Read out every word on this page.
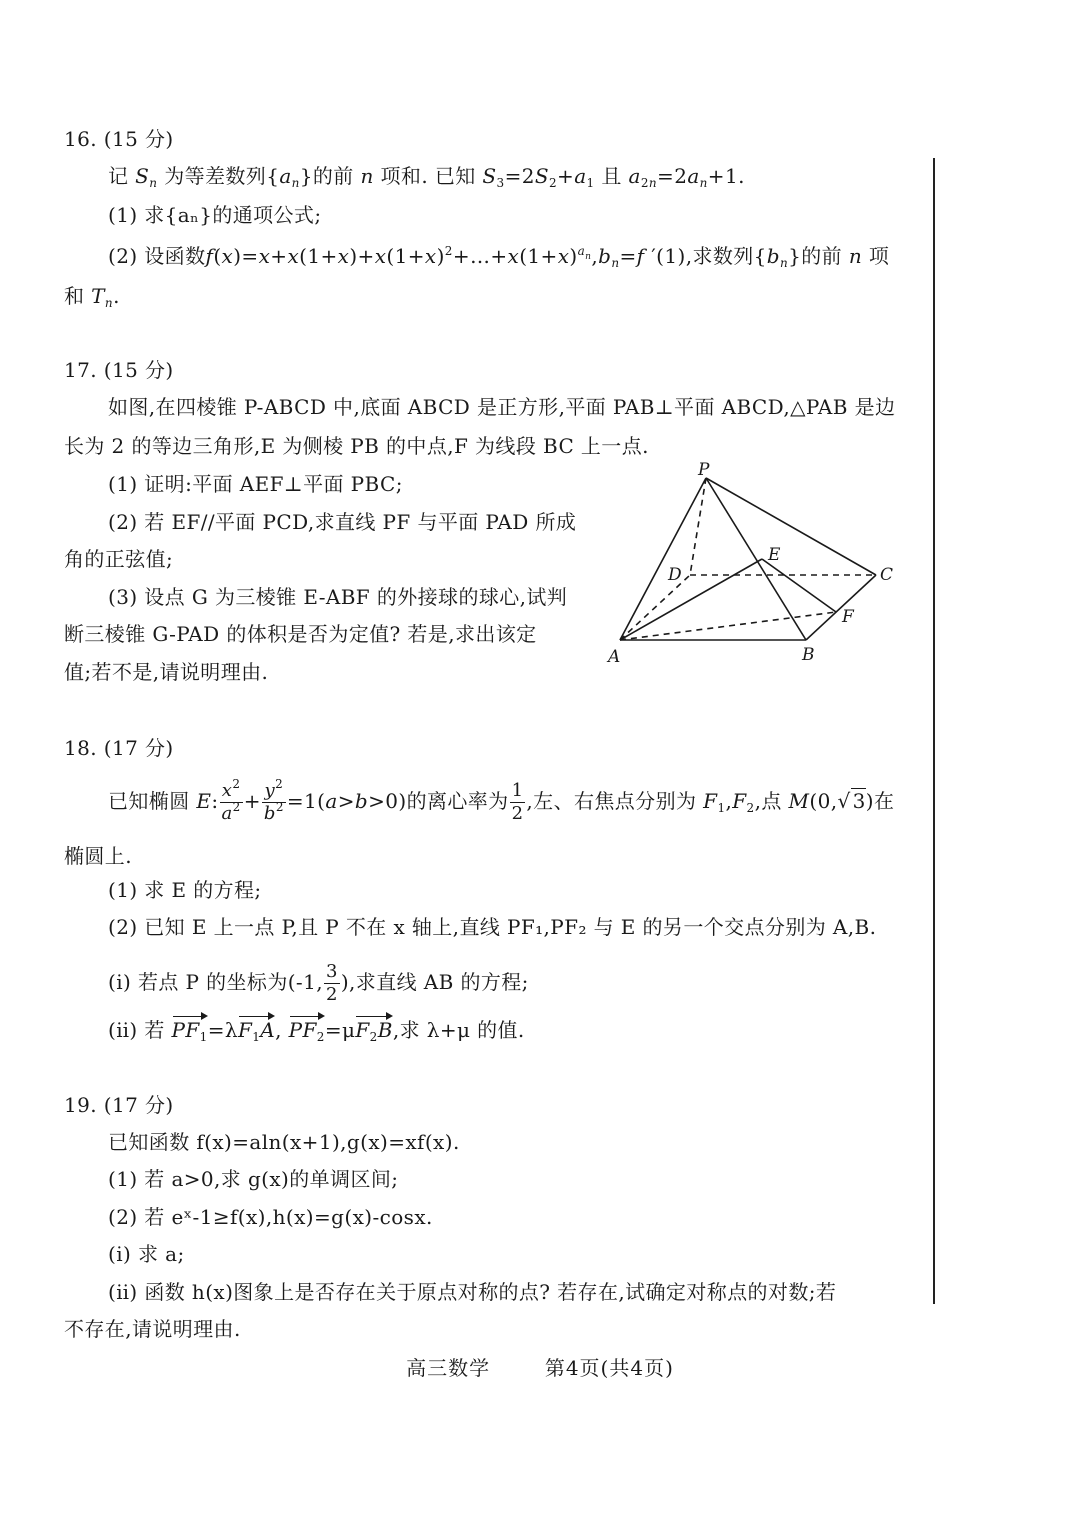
16. (15 分)
记 $S_n$ 为等差数列$\{a_n\}$的前 n 项和. 已知 $S_3=2S_2+a_1$ 且 $a_{2n}=2a_n+1$.
(1) 求{aₙ}的通项公式;
(2) 设函数$f(x)=x+x(1+x)+x(1+x)^2+\dots+x(1+x)^{a_n},b_n=f$ ′(1),求数列$\{b_n\}$的前 n 项
和 $T_n$.
17. (15 分)
如图,在四棱锥 P-ABCD 中,底面 ABCD 是正方形,平面 PAB⊥平面 ABCD,△PAB 是边
长为 2 的等边三角形,E 为侧棱 PB 的中点,F 为线段 BC 上一点.
(1) 证明:平面 AEF⊥平面 PBC;
(2) 若 EF//平面 PCD,求直线 PF 与平面 PAD 所成
角的正弦值;
(3) 设点 G 为三棱锥 E-ABF 的外接球的球心,试判
断三棱锥 G-PAD 的体积是否为定值? 若是,求出该定
值;若不是,请说明理由.
P
D
E
C
F
A	B
18. (17 分)
已知椭圆 E: $\frac{x^2}{a^2} + \frac{y^2}{b^2} =1(a>b>0)$的离心率为 $\frac{1}{2}$ ,左、右焦点分别为 $F_1,F_2$,点 M(0,√ 3)在
椭圆上.
(1) 求 E 的方程;
(2) 已知 E 上一点 P,且 P 不在 x 轴上,直线 PF₁,PF₂ 与 E 的另一个交点分别为 A,B.
(ⅰ) 若点 P 的坐标为(-1, $\frac{3}{2}$ ),求直线 AB 的方程;
(ⅱ) 若 $PF_1=\lambda F_1A$, $PF_2=\mu F_2B$,求 λ+μ 的值.
19. (17 分)
已知函数 f(x)=aln(x+1),g(x)=xf(x).
(1) 若 a>0,求 g(x)的单调区间;
(2) 若 eˣ-1≥f(x),h(x)=g(x)-cosx.
(ⅰ) 求 a;
(ⅱ) 函数 h(x)图象上是否存在关于原点对称的点? 若存在,试确定对称点的对数;若
不存在,请说明理由.
高三数学	第4页(共4页)
